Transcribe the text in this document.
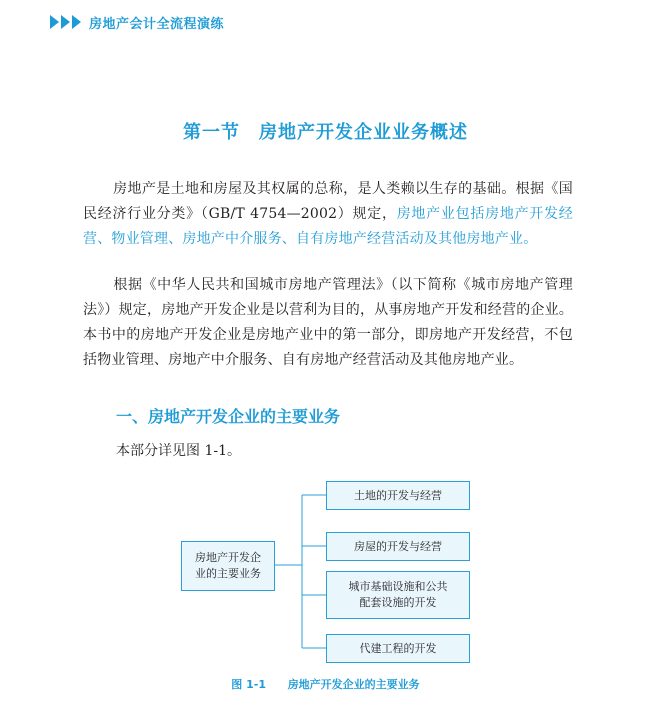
房地产会计全流程演练
第一节　房地产开发企业业务概述
房地产是土地和房屋及其权属的总称，是人类赖以生存的基础。根据《国民经济行业分类》（GB/T 4754—2002）规定，房地产业包括房地产开发经营、物业管理、房地产中介服务、自有房地产经营活动及其他房地产业。
根据《中华人民共和国城市房地产管理法》（以下简称《城市房地产管理法》）规定，房地产开发企业是以营利为目的，从事房地产开发和经营的企业。本书中的房地产开发企业是房地产业中的第一部分，即房地产开发经营，不包括物业管理、房地产中介服务、自有房地产经营活动及其他房地产业。
一、房地产开发企业的主要业务
本部分详见图 1-1。
房地产开发企
业的主要业务
土地的开发与经营
房屋的开发与经营
城市基础设施和公共
配套设施的开发
代建工程的开发
图 1-1 房地产开发企业的主要业务
